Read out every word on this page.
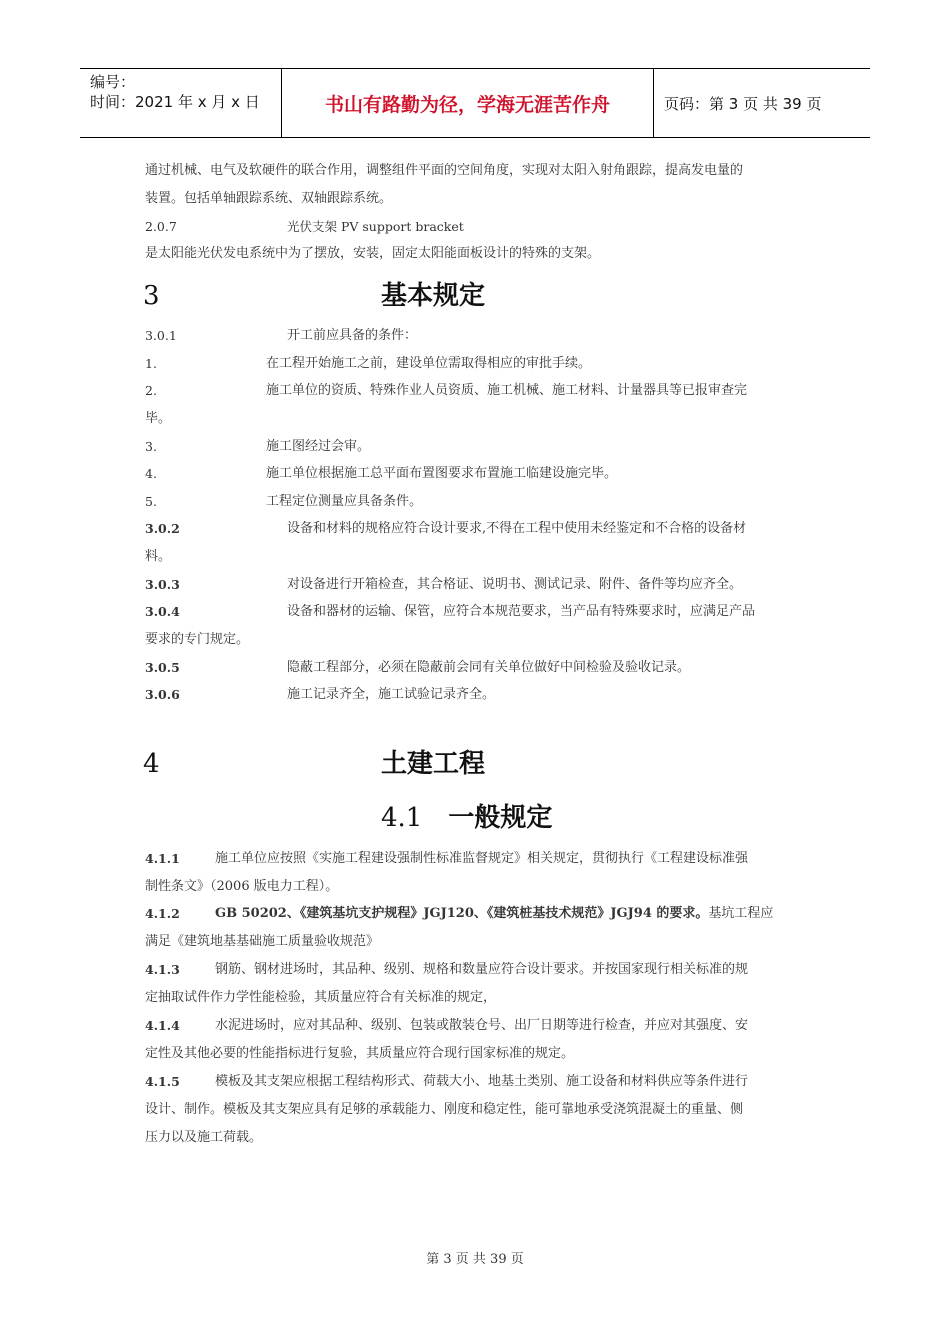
编号：
时间：2021 年 x 月 x 日	书山有路勤为径，学海无涯苦作舟	页码：第 3 页 共 39 页
通过机械、电气及软硬件的联合作用，调整组件平面的空间角度，实现对太阳入射角跟踪，提高发电量的
装置。包括单轴跟踪系统、双轴跟踪系统。
2.0.7	光伏支架 PV support bracket
是太阳能光伏发电系统中为了摆放，安装，固定太阳能面板设计的特殊的支架。
3	基本规定
3.0.1	开工前应具备的条件：
1.	在工程开始施工之前，建设单位需取得相应的审批手续。
2.	施工单位的资质、特殊作业人员资质、施工机械、施工材料、计量器具等已报审查完
毕。
3.	施工图经过会审。
4.	施工单位根据施工总平面布置图要求布置施工临建设施完毕。
5.	工程定位测量应具备条件。
3.0.2	设备和材料的规格应符合设计要求,不得在工程中使用未经鉴定和不合格的设备材
料。
3.0.3	对设备进行开箱检查，其合格证、说明书、测试记录、附件、备件等均应齐全。
3.0.4	设备和器材的运输、保管，应符合本规范要求，当产品有特殊要求时，应满足产品
要求的专门规定。
3.0.5	隐蔽工程部分，必须在隐蔽前会同有关单位做好中间检验及验收记录。
3.0.6	施工记录齐全，施工试验记录齐全。
4	土建工程
4.1 一般规定
4.1.1	施工单位应按照《实施工程建设强制性标准监督规定》相关规定，贯彻执行《工程建设标准强
制性条文》（2006 版电力工程）。
4.1.2	GB 50202、《建筑基坑支护规程》JGJ120、《建筑桩基技术规范》JGJ94 的要求。基坑工程应
满足《建筑地基基础施工质量验收规范》
4.1.3	钢筋、钢材进场时，其品种、级别、规格和数量应符合设计要求。并按国家现行相关标准的规
定抽取试件作力学性能检验，其质量应符合有关标准的规定，
4.1.4	水泥进场时，应对其品种、级别、包装或散装仓号、出厂日期等进行检查，并应对其强度、安
定性及其他必要的性能指标进行复验，其质量应符合现行国家标准的规定。
4.1.5	模板及其支架应根据工程结构形式、荷载大小、地基土类别、施工设备和材料供应等条件进行
设计、制作。模板及其支架应具有足够的承载能力、刚度和稳定性，能可靠地承受浇筑混凝土的重量、侧
压力以及施工荷载。
第 3 页 共 39 页
